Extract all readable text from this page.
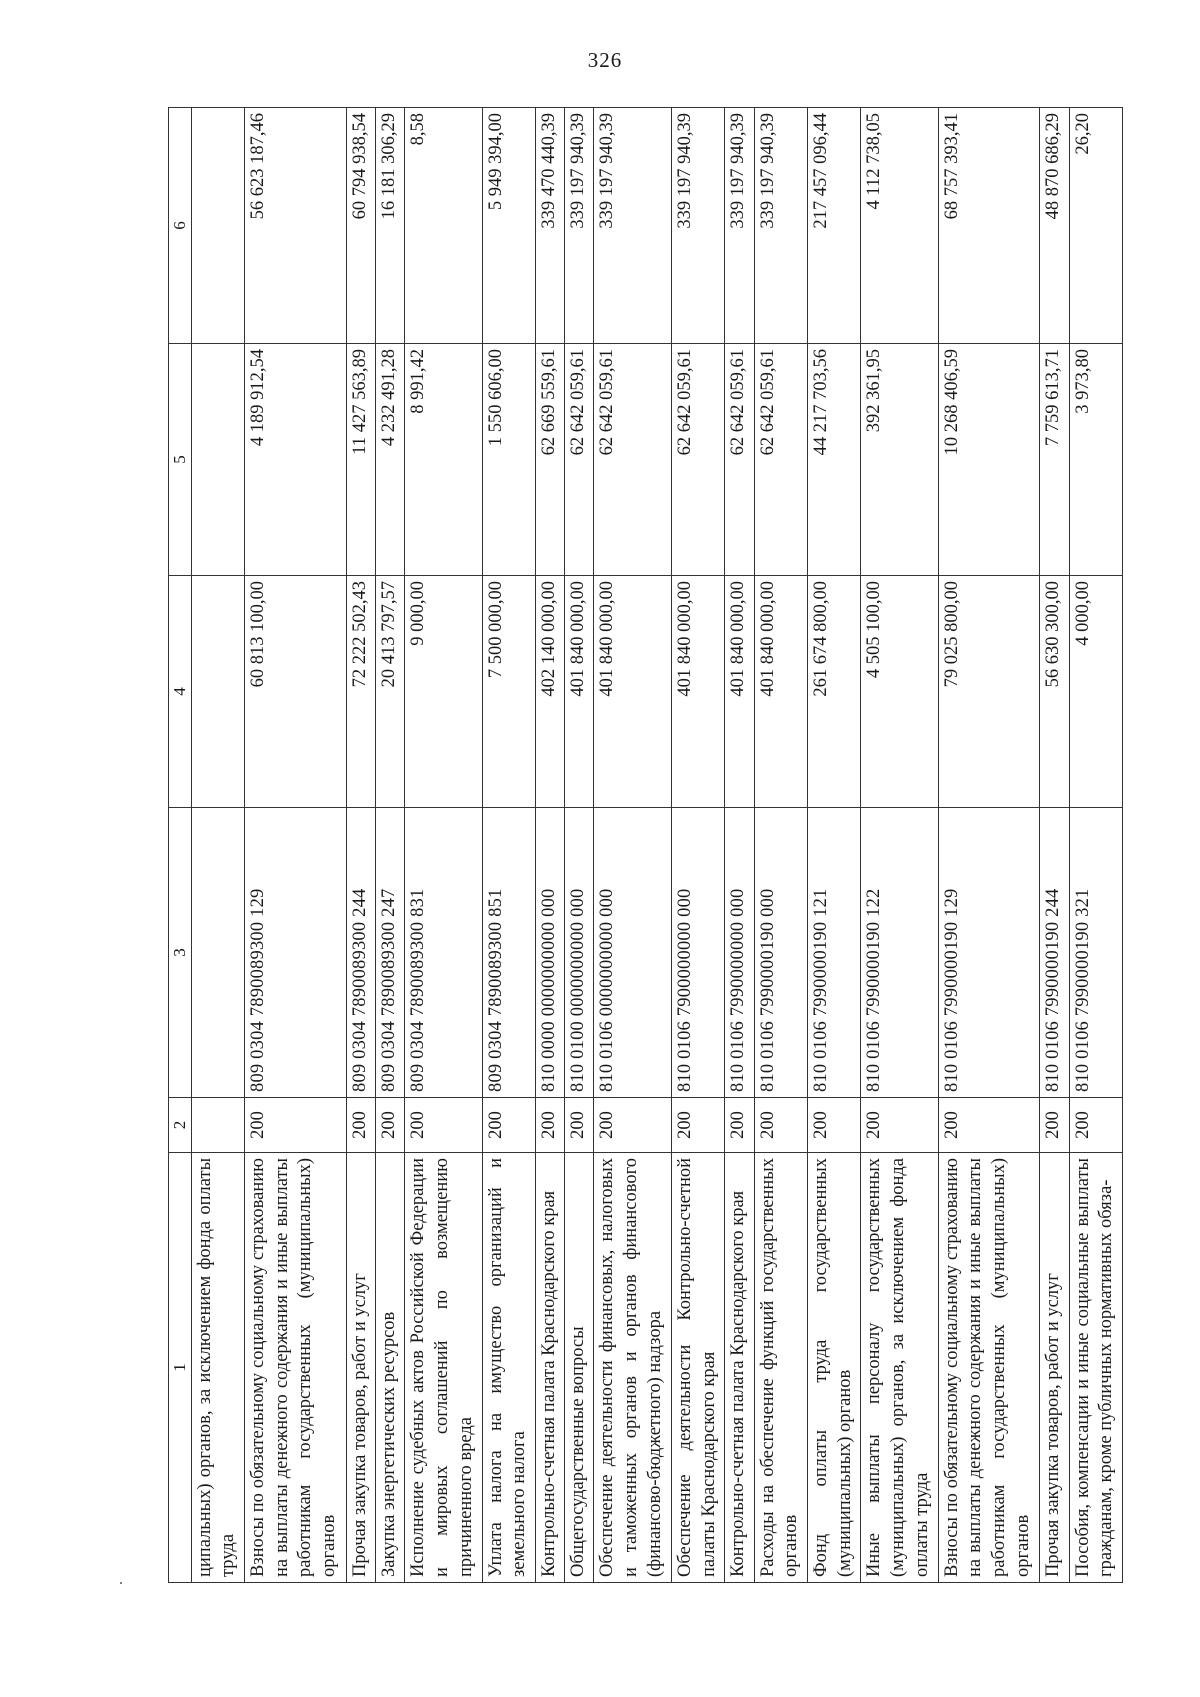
326
1	2	3	4	5	6
ципальных) органов, за исключением фонда оплаты труда					
Взносы по обязательному социальному страхованию на выплаты денежного содержания и иные выплаты работникам государственных (муниципальных) органов	200	809 0304 7890089300 129	60 813 100,00	4 189 912,54	56 623 187,46
Прочая закупка товаров, работ и услуг	200	809 0304 7890089300 244	72 222 502,43	11 427 563,89	60 794 938,54
Закупка энергетических ресурсов	200	809 0304 7890089300 247	20 413 797,57	4 232 491,28	16 181 306,29
Исполнение судебных актов Российской Федерации и мировых соглашений по возмещению причиненного вреда	200	809 0304 7890089300 831	9 000,00	8 991,42	8,58
Уплата налога на имущество организаций и земельного налога	200	809 0304 7890089300 851	7 500 000,00	1 550 606,00	5 949 394,00
Контрольно-счетная палата Краснодарского края	200	810 0000 0000000000 000	402 140 000,00	62 669 559,61	339 470 440,39
Общегосударственные вопросы	200	810 0100 0000000000 000	401 840 000,00	62 642 059,61	339 197 940,39
Обеспечение деятельности финансовых, налоговых и таможенных органов и органов финансового (финансово-бюджетного) надзора	200	810 0106 0000000000 000	401 840 000,00	62 642 059,61	339 197 940,39
Обеспечение деятельности Контрольно-счетной палаты Краснодарского края	200	810 0106 7900000000 000	401 840 000,00	62 642 059,61	339 197 940,39
Контрольно-счетная палата Краснодарского края	200	810 0106 7990000000 000	401 840 000,00	62 642 059,61	339 197 940,39
Расходы на обеспечение функций государственных органов	200	810 0106 7990000190 000	401 840 000,00	62 642 059,61	339 197 940,39
Фонд оплаты труда государственных (муниципальных) органов	200	810 0106 7990000190 121	261 674 800,00	44 217 703,56	217 457 096,44
Иные выплаты персоналу государственных (муниципальных) органов, за исключением фонда оплаты труда	200	810 0106 7990000190 122	4 505 100,00	392 361,95	4 112 738,05
Взносы по обязательному социальному страхованию на выплаты денежного содержания и иные выплаты работникам государственных (муниципальных) органов	200	810 0106 7990000190 129	79 025 800,00	10 268 406,59	68 757 393,41
Прочая закупка товаров, работ и услуг	200	810 0106 7990000190 244	56 630 300,00	7 759 613,71	48 870 686,29
Пособия, компенсации и иные социальные выплаты гражданам, кроме публичных нормативных обяза-	200	810 0106 7990000190 321	4 000,00	3 973,80	26,20
